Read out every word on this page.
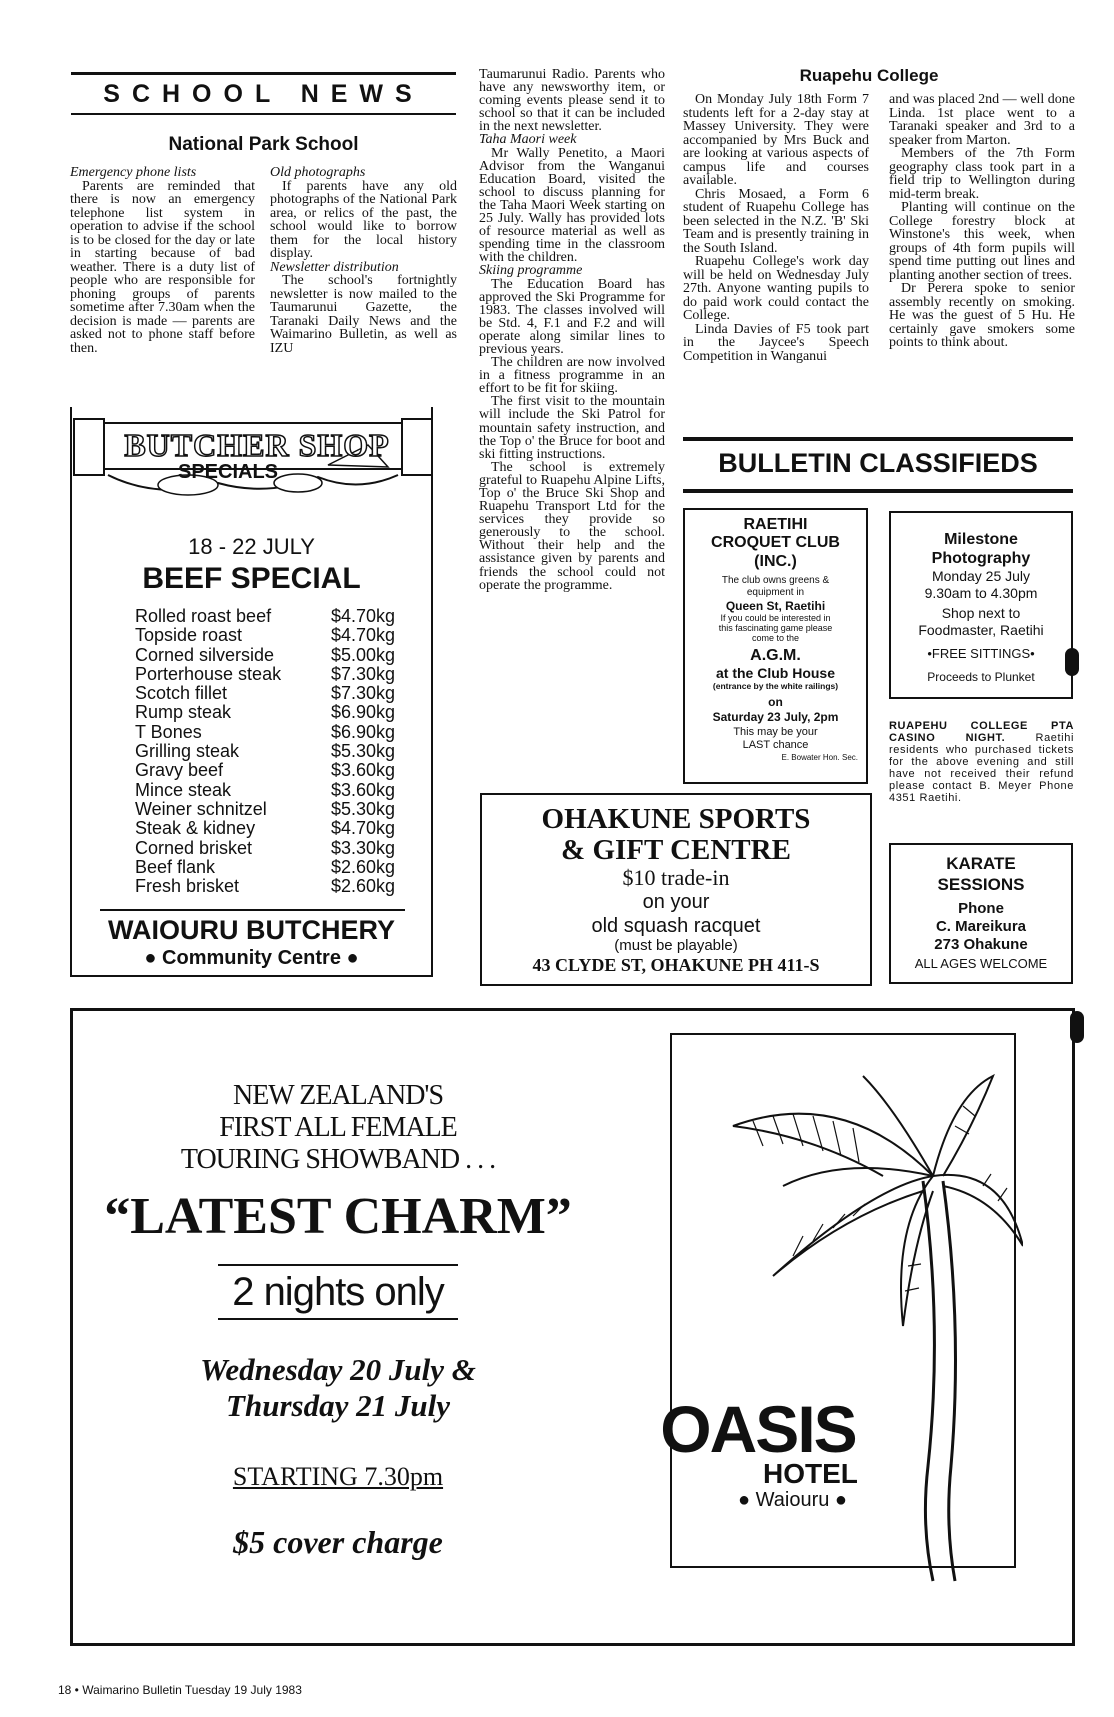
SCHOOL NEWS
National Park School

Emergency phone lists

Parents are reminded that there is now an emergency telephone list system in operation to advise if the school is to be closed for the day or late in starting because of bad weather. There is a duty list of people who are responsible for phoning groups of parents sometime after 7.30am when the decision is made — parents are asked not to phone staff before then.

Old photographs

If parents have any old photographs of the National Park area, or relics of the past, the school would like to borrow them for the local history display.

Newsletter distribution

The school's fortnightly newsletter is now mailed to the Taumarunui Gazette, the Taranaki Daily News and the Waimarino Bulletin, as well as IZU

Taumarunui Radio. Parents who have any newsworthy item, or coming events please send it to school so that it can be included in the next newsletter.

Taha Maori week

Mr Wally Penetito, a Maori Advisor from the Wanganui Education Board, visited the school to discuss planning for the Taha Maori Week starting on 25 July. Wally has provided lots of resource material as well as spending time in the classroom with the children.

Skiing programme

The Education Board has approved the Ski Programme for 1983. The classes involved will be Std. 4, F.1 and F.2 and will operate along similar lines to previous years.

The children are now involved in a fitness programme in an effort to be fit for skiing.

The first visit to the mountain will include the Ski Patrol for mountain safety instruction, and the Top o' the Bruce for boot and ski fitting instructions.

The school is extremely grateful to Ruapehu Alpine Lifts, Top o' the Bruce Ski Shop and Ruapehu Transport Ltd for the services they provide so generously to the school. Without their help and the assistance given by parents and friends the school could not operate the programme.

Ruapehu College

On Monday July 18th Form 7 students left for a 2-day stay at Massey University. They were accompanied by Mrs Buck and are looking at various aspects of campus life and courses available.

Chris Mosaed, a Form 6 student of Ruapehu College has been selected in the N.Z. 'B' Ski Team and is presently training in the South Island.

Ruapehu College's work day will be held on Wednesday July 27th. Anyone wanting pupils to do paid work could contact the College.

Linda Davies of F5 took part in the Jaycee's Speech Competition in Wanganui

and was placed 2nd — well done Linda. 1st place went to a Taranaki speaker and 3rd to a speaker from Marton.

Members of the 7th Form geography class took part in a field trip to Wellington during mid-term break.

Planting will continue on the College forestry block at Winstone's this week, when groups of 4th form pupils will spend time putting out lines and planting another section of trees.

Dr Perera spoke to senior assembly recently on smoking. He was the guest of 5 Hu. He certainly gave smokers some points to think about.

BUTCHER SHOP
SPECIALS
18 - 22 JULY
BEEF SPECIAL
Rolled roast beef	$4.70kg
Topside roast	$4.70kg
Corned silverside	$5.00kg
Porterhouse steak	$7.30kg
Scotch fillet	$7.30kg
Rump steak	$6.90kg
T Bones	$6.90kg
Grilling steak	$5.30kg
Gravy beef	$3.60kg
Mince steak	$3.60kg
Weiner schnitzel	$5.30kg
Steak & kidney	$4.70kg
Corned brisket	$3.30kg
Beef flank	$2.60kg
Fresh brisket	$2.60kg
WAIOURU BUTCHERY
● Community Centre ●
OHAKUNE SPORTS
& GIFT CENTRE
$10 trade-in
on your
old squash racquet
(must be playable)
43 CLYDE ST, OHAKUNE PH 411-S
BULLETIN CLASSIFIEDS
RAETIHI
CROQUET CLUB
(INC.)
The club owns greens &
equipment in
Queen St, Raetihi
If you could be interested in
this fascinating game please
come to the
A.G.M.
at the Club House
(entrance by the white railings)
on
Saturday 23 July, 2pm
This may be your
LAST chance
E. Bowater Hon. Sec.
Milestone
Photography
Monday 25 July
9.30am to 4.30pm
Shop next to
Foodmaster, Raetihi
•FREE SITTINGS•
Proceeds to Plunket
RUAPEHU COLLEGE PTA CASINO NIGHT.	Raetihi residents who purchased tickets for the above evening and still have not received their refund please contact B. Meyer Phone 4351 Raetihi.
KARATE
SESSIONS
Phone
C. Mareikura
273 Ohakune
ALL AGES WELCOME
NEW ZEALAND'S
FIRST ALL FEMALE
TOURING SHOWBAND . . .
“LATEST CHARM”
2 nights only
Wednesday 20 July &
Thursday 21 July
STARTING 7.30pm
$5 cover charge
OASIS
HOTEL
● Waiouru ●
18 • Waimarino Bulletin Tuesday 19 July 1983
